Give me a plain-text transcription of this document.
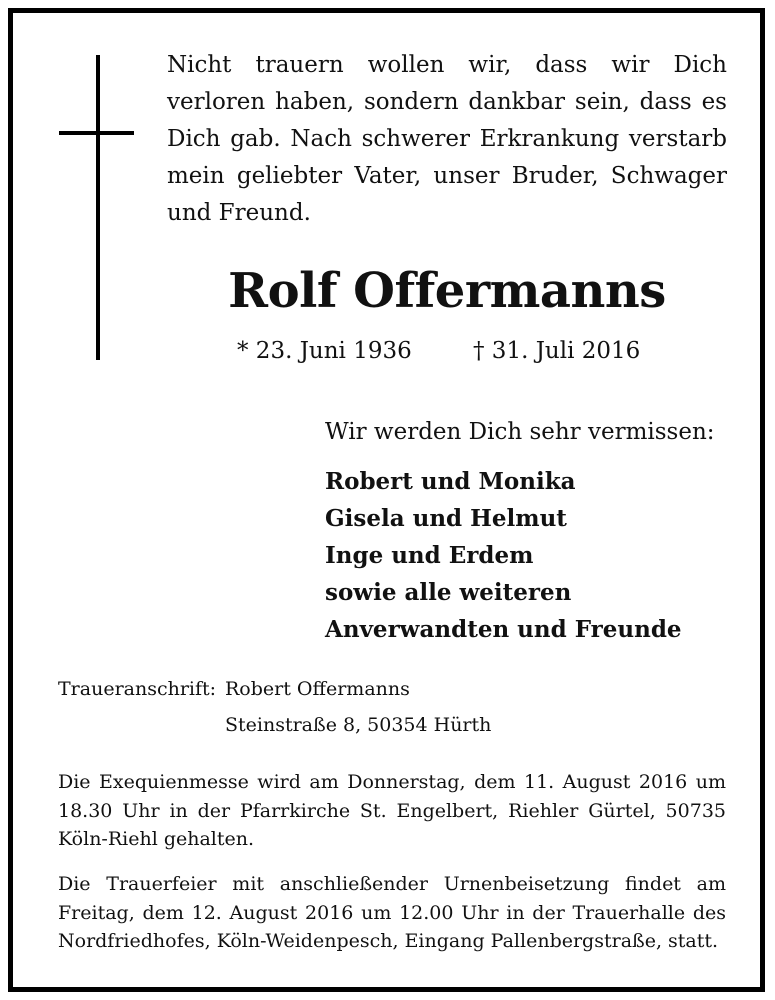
Nicht trauern wollen wir, dass wir Dich verloren haben, sondern dankbar sein, dass es Dich gab. Nach schwerer Erkrankung verstarb mein geliebter Vater, unser Bruder, Schwager und Freund.

Rolf Offermanns
* 23. Juni 1936	† 31. Juli 2016
Wir werden Dich sehr vermissen:
Robert und Monika
Gisela und Helmut
Inge und Erdem
sowie alle weiteren
Anverwandten und Freunde
Traueranschrift: Robert Offermanns
Steinstraße 8, 50354 Hürth

Die Exequienmesse wird am Donnerstag, dem 11. August 2016 um 18.30 Uhr in der Pfarrkirche St. Engelbert, Riehler Gürtel, 50735 Köln-Riehl gehalten.

Die Trauerfeier mit anschließender Urnenbeisetzung findet am Freitag, dem 12. August 2016 um 12.00 Uhr in der Trauerhalle des Nordfriedhofes, Köln-Weidenpesch, Eingang Pallenbergstraße, statt.
